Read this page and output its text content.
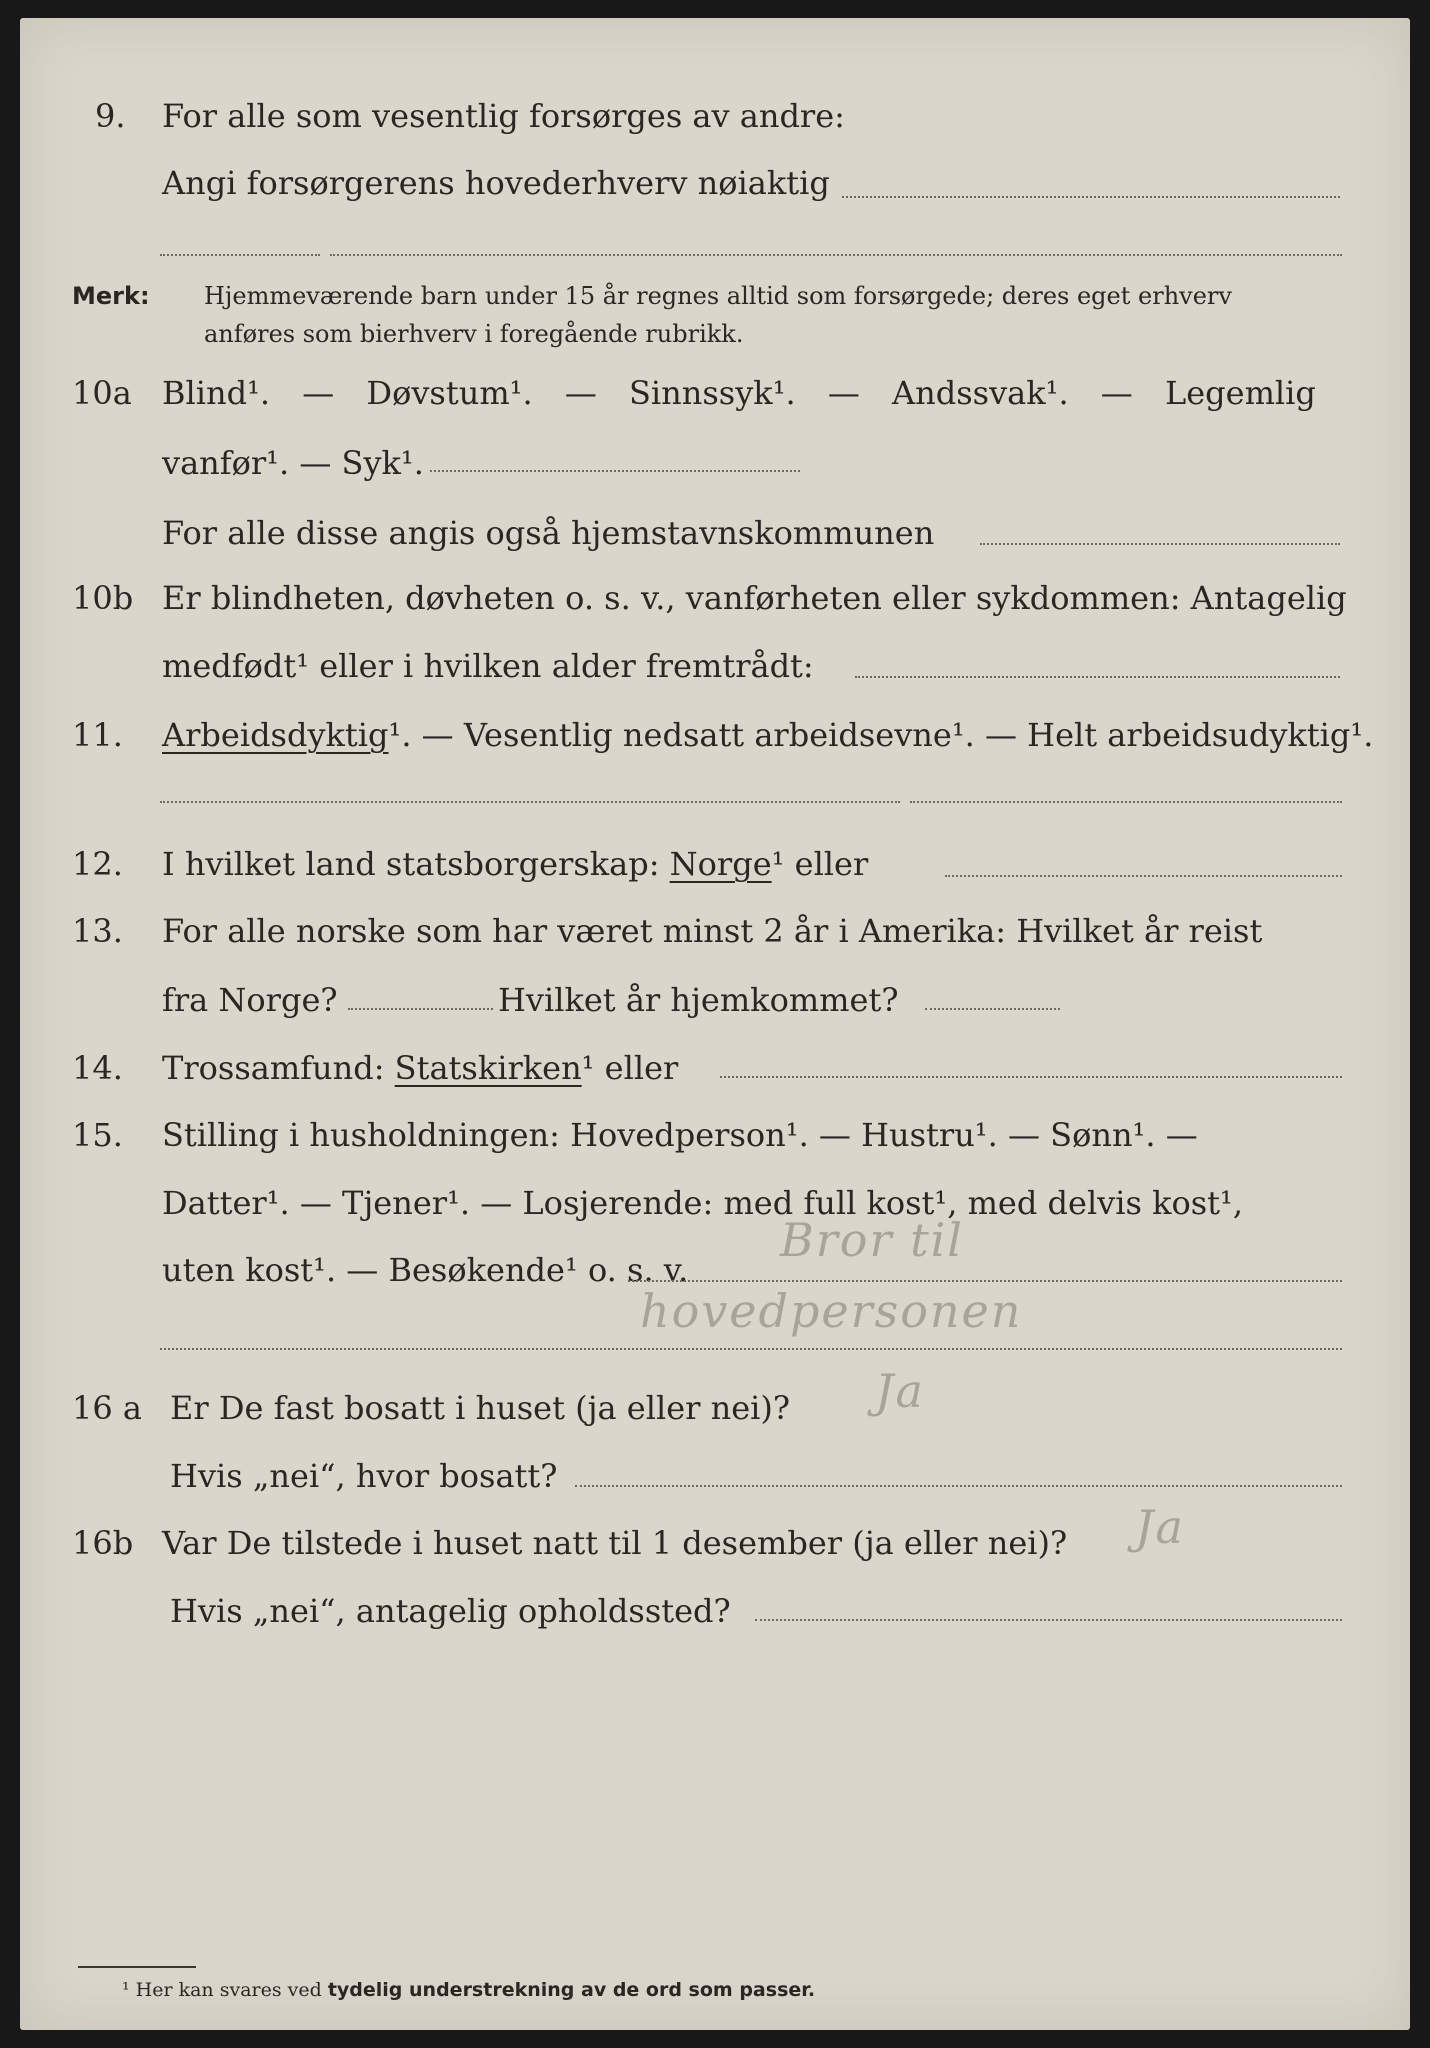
9. For alle som vesentlig forsørges av andre:
Angi forsørgerens hovederhverv nøiaktig
Merk: Hjemmeværende barn under 15 år regnes alltid som forsørgede; deres eget erhverv
anføres som bierhverv i foregående rubrikk.
10a Blind¹. — Døvstum¹. — Sinnssyk¹. — Andssvak¹. — Legemlig
vanfør¹. — Syk¹.
For alle disse angis også hjemstavnskommunen
10b Er blindheten, døvheten o. s. v., vanførheten eller sykdommen: Antagelig
medfødt¹ eller i hvilken alder fremtrådt:
11. Arbeidsdyktig¹. — Vesentlig nedsatt arbeidsevne¹. — Helt arbeidsudyktig¹.
12. I hvilket land statsborgerskap: Norge¹ eller
13. For alle norske som har været minst 2 år i Amerika: Hvilket år reist
fra Norge?	Hvilket år hjemkommet?
14. Trossamfund: Statskirken¹ eller
15. Stilling i husholdningen: Hovedperson¹. — Hustru¹. — Sønn¹. —
Datter¹. — Tjener¹. — Losjerende: med full kost¹, med delvis kost¹,
uten kost¹. — Besøkende¹ o. s. v.
Bror til
hovedpersonen
16 a Er De fast bosatt i huset (ja eller nei)? Ja
Hvis „nei“, hvor bosatt?
16b Var De tilstede i huset natt til 1 desember (ja eller nei)? Ja
Hvis „nei“, antagelig opholdssted?
¹ Her kan svares ved tydelig understrekning av de ord som passer.
